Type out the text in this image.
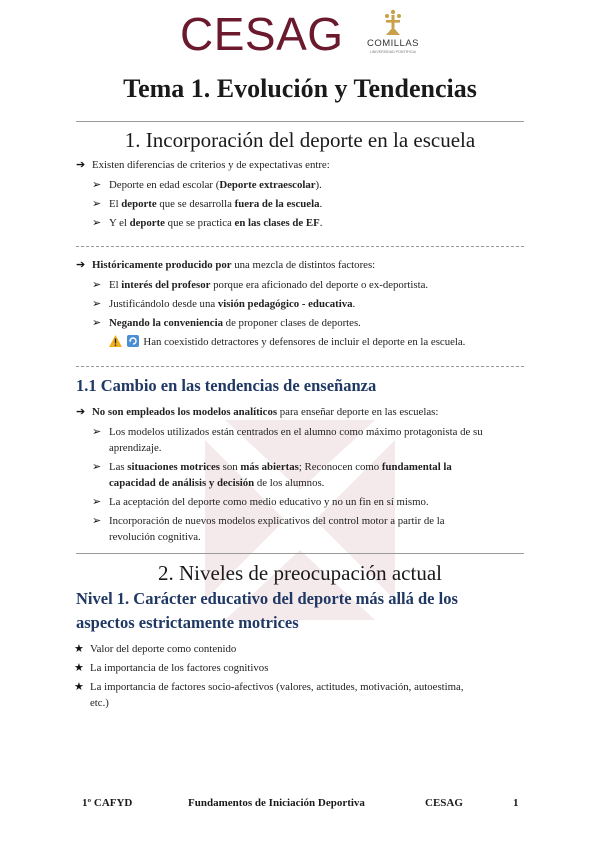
CESAG	COMILLAS
UNIVERSIDAD PONTIFICIA
Tema 1. Evolución y Tendencias
1. Incorporación del deporte en la escuela
➔ Existen diferencias de criterios y de expectativas entre:
➢ Deporte en edad escolar (Deporte extraescolar).
➢ El deporte que se desarrolla fuera de la escuela.
➢ Y el deporte que se practica en las clases de EF.
➔ Históricamente producido por una mezcla de distintos factores:
➢ El interés del profesor porque era aficionado del deporte o ex-deportista.
➢ Justificándolo desde una visión pedagógico - educativa.
➢ Negando la conveniencia de proponer clases de deportes.
Han coexistido detractores y defensores de incluir el deporte en la escuela.
1.1 Cambio en las tendencias de enseñanza
➔ No son empleados los modelos analíticos para enseñar deporte en las escuelas:
➢ Los modelos utilizados están centrados en el alumno como máximo protagonista de su
aprendizaje.
➢ Las situaciones motrices son más abiertas; Reconocen como fundamental la
capacidad de análisis y decisión de los alumnos.
➢ La aceptación del deporte como medio educativo y no un fin en sí mismo.
➢ Incorporación de nuevos modelos explicativos del control motor a partir de la
revolución cognitiva.
2. Niveles de preocupación actual
Nivel 1. Carácter educativo del deporte más allá de los
aspectos estrictamente motrices
★ Valor del deporte como contenido
★ La importancia de los factores cognitivos
★ La importancia de factores socio-afectivos (valores, actitudes, motivación, autoestima,
etc.)
1º CAFYD	Fundamentos de Iniciación Deportiva	CESAG	1
